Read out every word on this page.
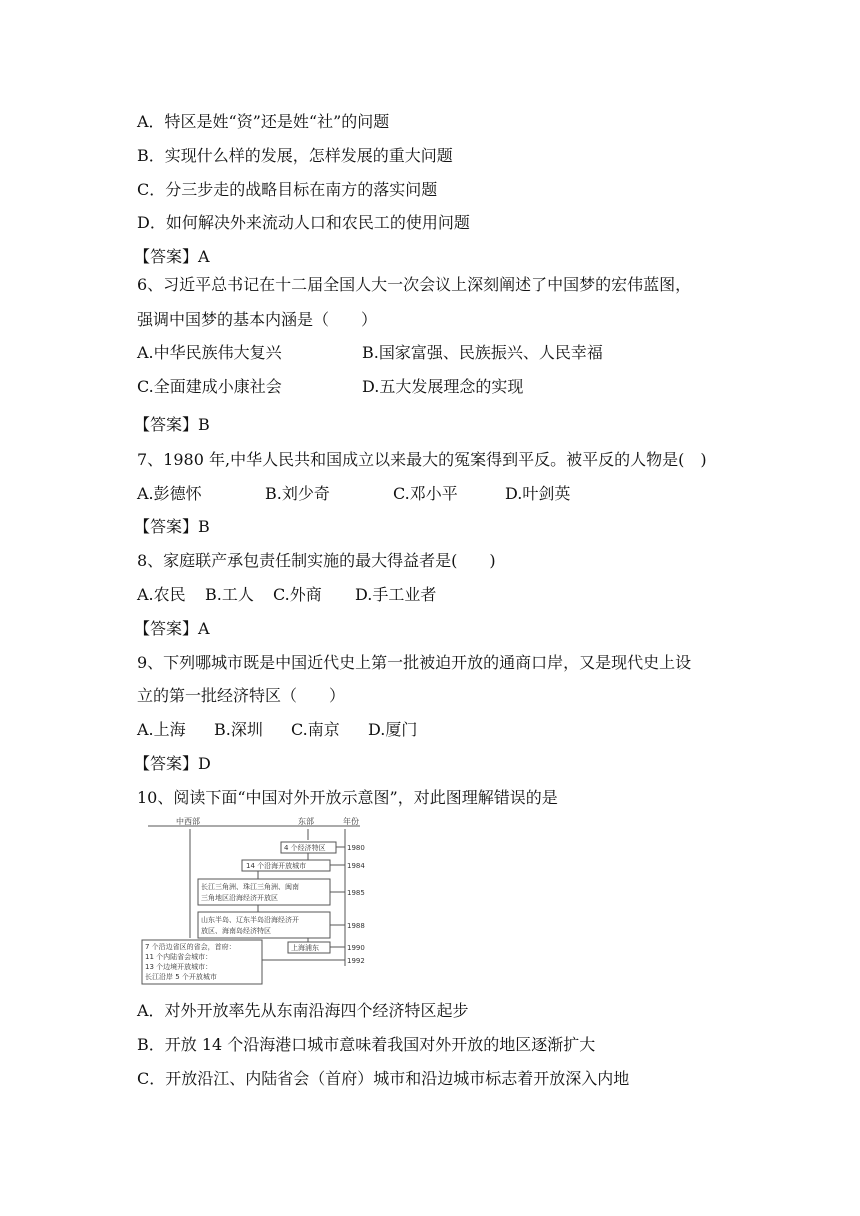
A．特区是姓“资”还是姓“社”的问题
B．实现什么样的发展，怎样发展的重大问题
C．分三步走的战略目标在南方的落实问题
D．如何解决外来流动人口和农民工的使用问题
【答案】A
6、习近平总书记在十二届全国人大一次会议上深刻阐述了中国梦的宏伟蓝图，
强调中国梦的基本内涵是（　　）
A.中华民族伟大复兴	B.国家富强、民族振兴、人民幸福
C.全面建成小康社会	D.五大发展理念的实现
【答案】B
7、1980 年,中华人民共和国成立以来最大的冤案得到平反。被平反的人物是(　)
A.彭德怀	B.刘少奇	C.邓小平	D.叶剑英
【答案】B
8、家庭联产承包责任制实施的最大得益者是(　　)
A.农民 B.工人 C.外商 D.手工业者
【答案】A
9、下列哪城市既是中国近代史上第一批被迫开放的通商口岸，又是现代史上设
立的第一批经济特区（　　）
A.上海 B.深圳 C.南京 D.厦门
【答案】D
10、阅读下面“中国对外开放示意图”，对此图理解错误的是
中西部	东部	年份
4 个经济特区
14 个沿海开放城市
长江三角洲、珠江三角洲、闽南
三角地区沿海经济开放区
山东半岛、辽东半岛沿海经济开
放区、海南岛经济特区
上海浦东
7 个沿边省区的省会，首府：
11 个内陆省会城市：
13 个边境开放城市：
长江沿岸 5 个开放城市
1980
1984
1985
1988
1990
1992
A．对外开放率先从东南沿海四个经济特区起步
B．开放 14 个沿海港口城市意味着我国对外开放的地区逐渐扩大
C．开放沿江、内陆省会（首府）城市和沿边城市标志着开放深入内地
